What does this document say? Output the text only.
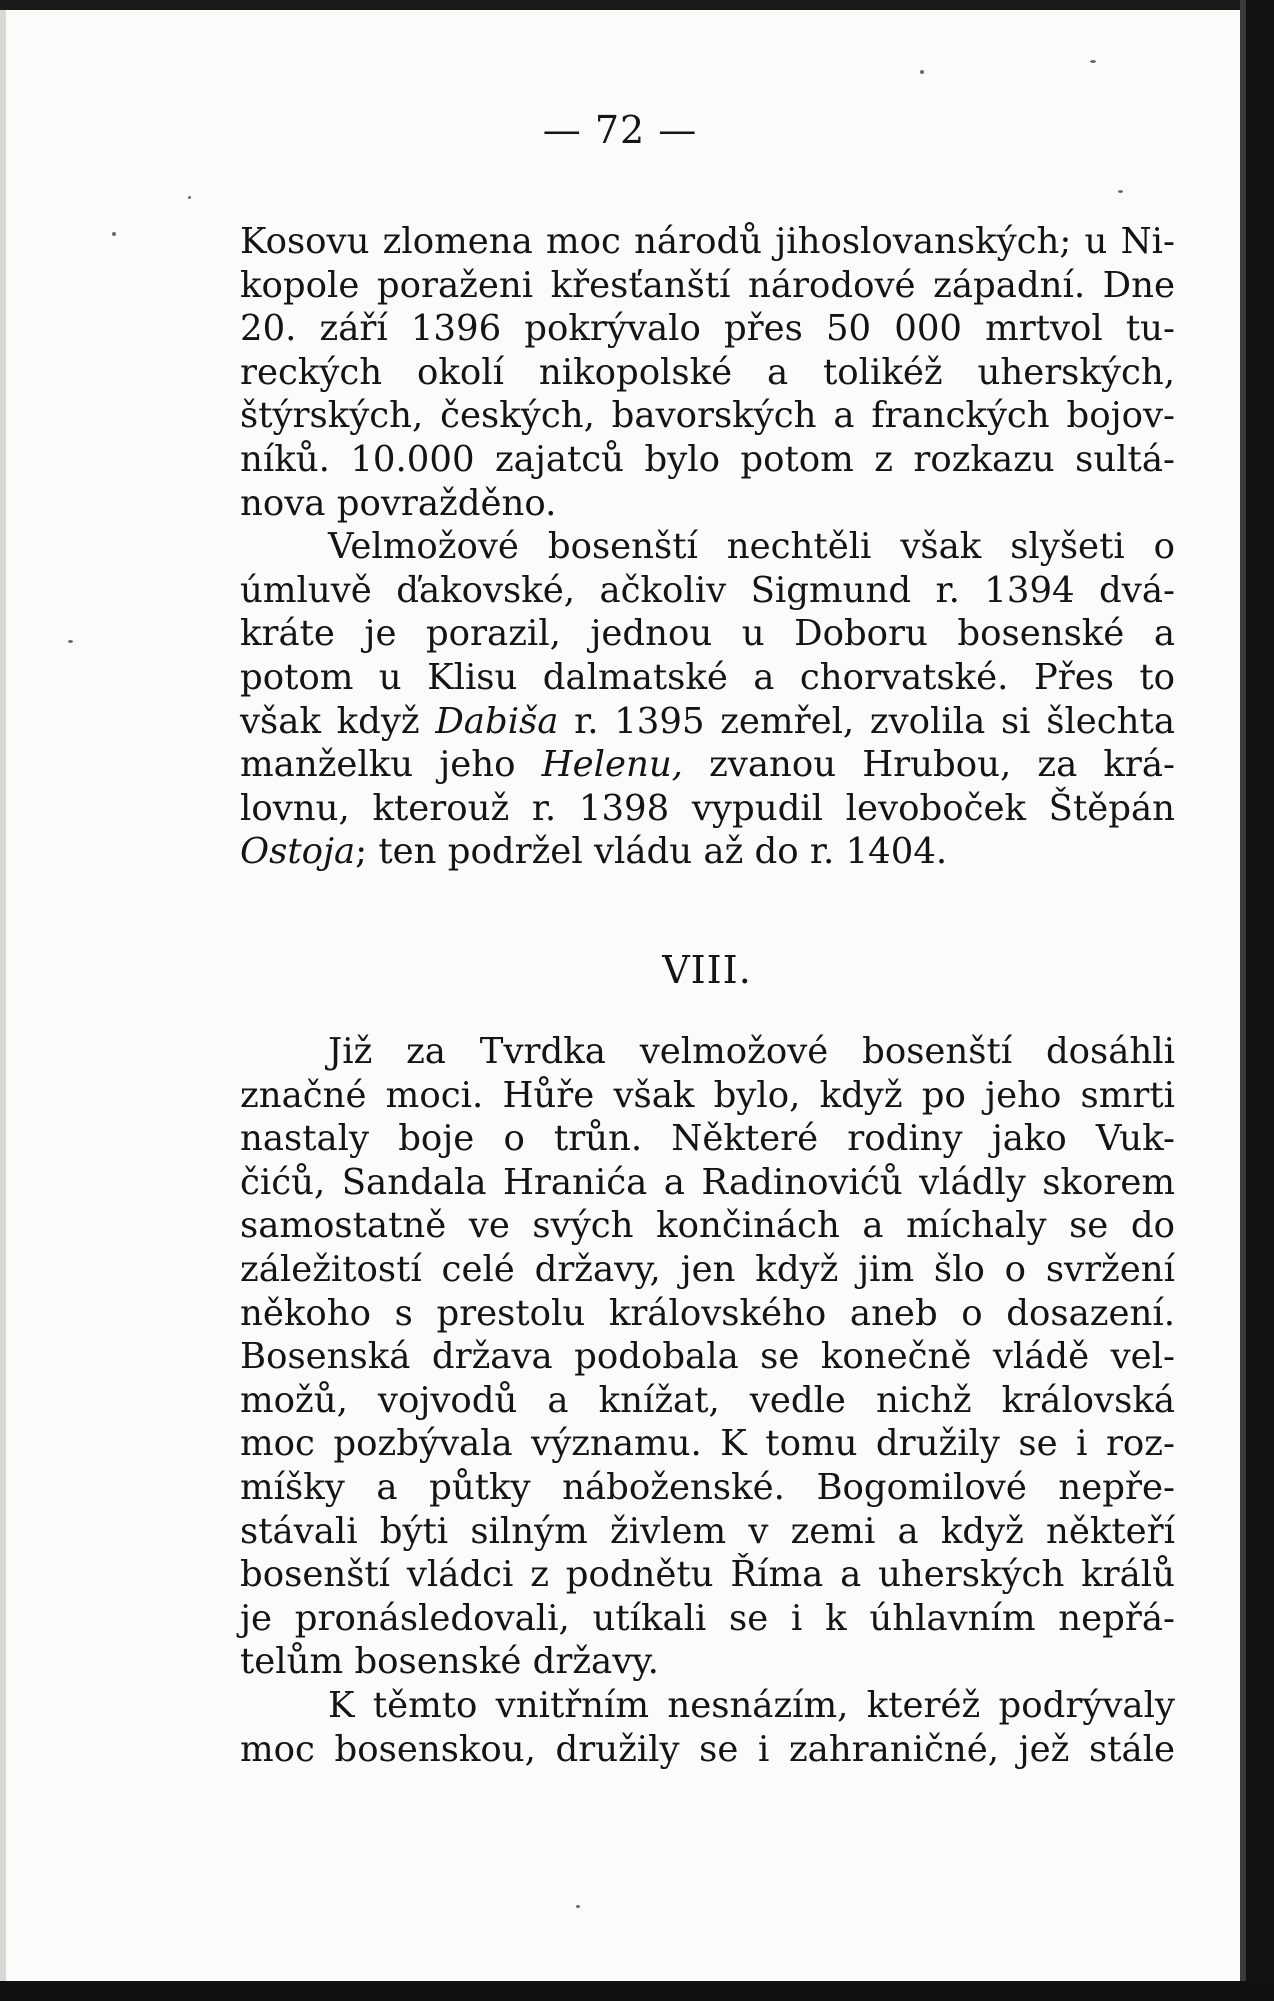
— 72 —
Kosovu zlomena moc národů jihoslovanských; u Ni-
kopole poraženi křesťanští národové západní. Dne
20. září 1396 pokrývalo přes 50 000 mrtvol tu-
reckých okolí nikopolské a tolikéž uherských,
štýrských, českých, bavorských a franckých bojov-
níků. 10.000 zajatců bylo potom z rozkazu sultá-
nova povražděno.
Velmožové bosenští nechtěli však slyšeti o
úmluvě ďakovské, ačkoliv Sigmund r. 1394 dvá-
kráte je porazil, jednou u Doboru bosenské a
potom u Klisu dalmatské a chorvatské. Přes to
však když Dabiša r. 1395 zemřel, zvolila si šlechta
manželku jeho Helenu, zvanou Hrubou, za krá-
lovnu, kterouž r. 1398 vypudil levoboček Štěpán
Ostoja; ten podržel vládu až do r. 1404.
VIII.
Již za Tvrdka velmožové bosenští dosáhli
značné moci. Hůře však bylo, když po jeho smrti
nastaly boje o trůn. Některé rodiny jako Vuk-
čićů, Sandala Hranića a Radinovićů vládly skorem
samostatně ve svých končinách a míchaly se do
záležitostí celé državy, jen když jim šlo o svržení
někoho s prestolu královského aneb o dosazení.
Bosenská država podobala se konečně vládě vel-
možů, vojvodů a knížat, vedle nichž královská
moc pozbývala významu. K tomu družily se i roz-
míšky a půtky náboženské. Bogomilové nepře-
stávali býti silným živlem v zemi a když někteří
bosenští vládci z podnětu Říma a uherských králů
je pronásledovali, utíkali se i k úhlavním nepřá-
telům bosenské državy.
K těmto vnitřním nesnázím, kteréž podrývaly
moc bosenskou, družily se i zahraničné, jež stále
